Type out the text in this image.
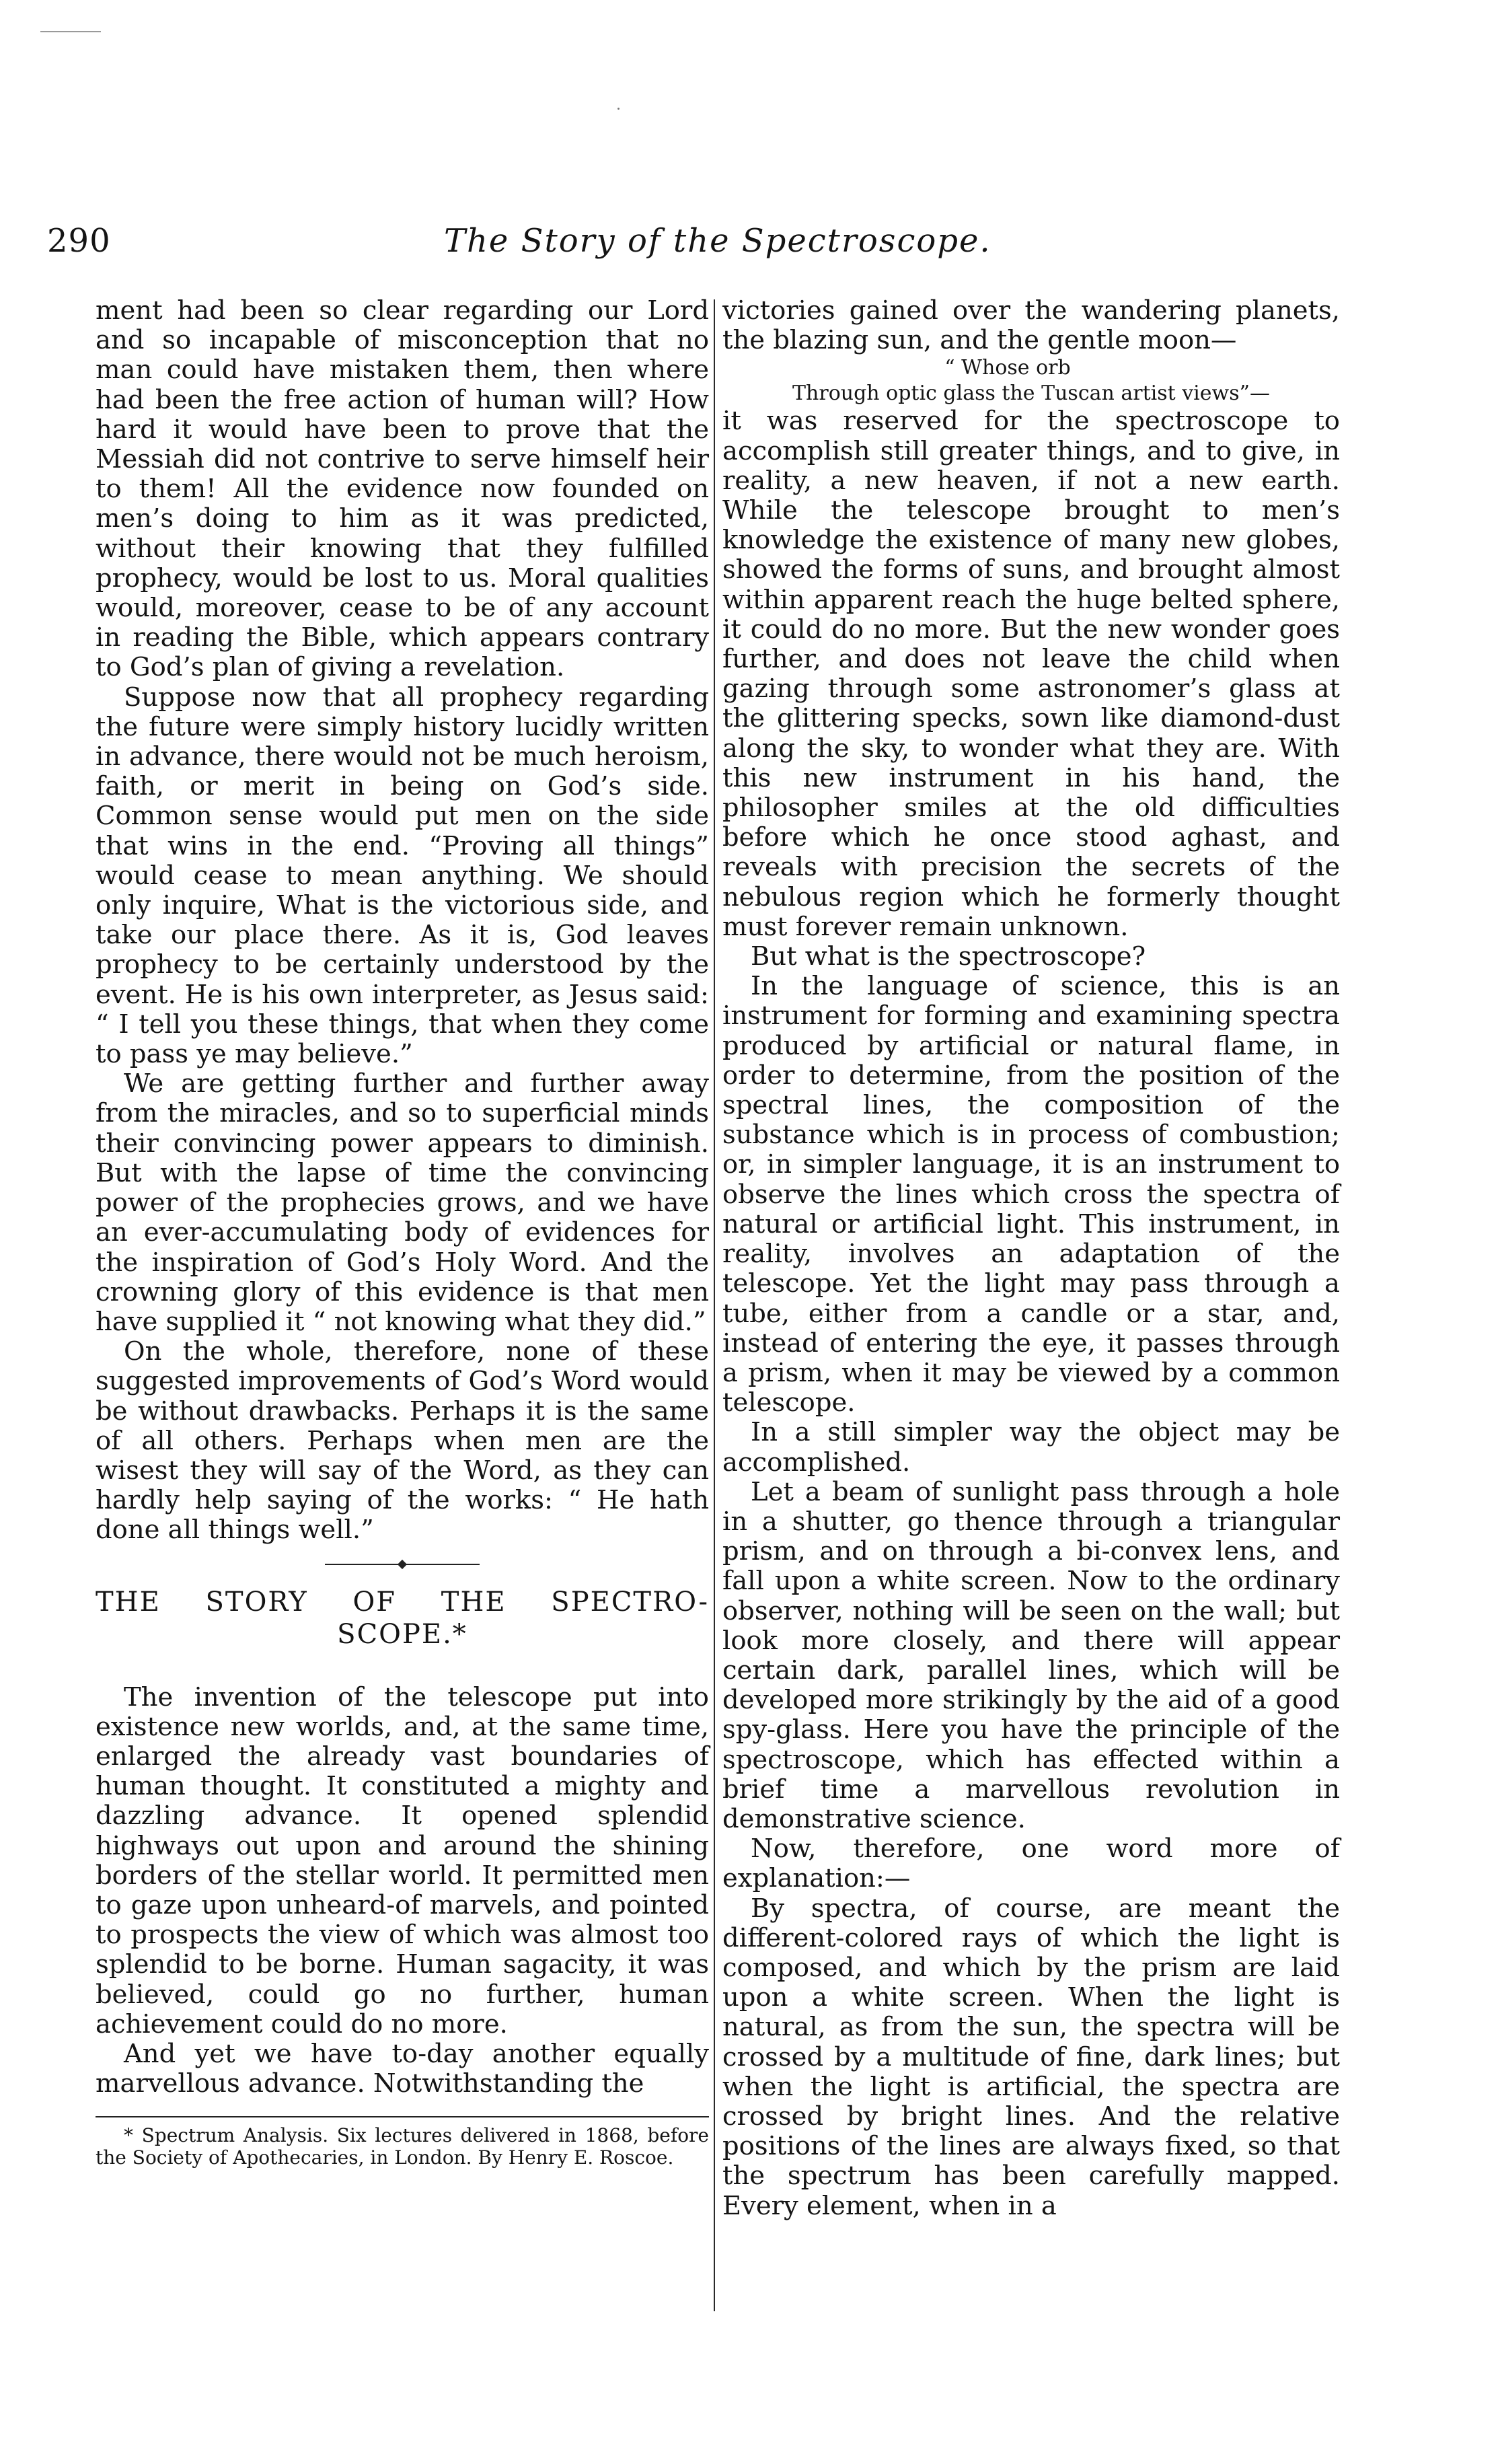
290	The Story of the Spectroscope.

ment had been so clear regarding our Lord and so incapable of misconception that no man could have mistaken them, then where had been the free action of human will? How hard it would have been to prove that the Messiah did not contrive to serve himself heir to them! All the evidence now founded on men’s doing to him as it was predicted, without their knowing that they fulfilled prophecy, would be lost to us. Moral qualities would, moreover, cease to be of any account in reading the Bible, which appears contrary to God’s plan of giving a revelation.

Suppose now that all prophecy regarding the future were simply history lucidly written in advance, there would not be much heroism, faith, or merit in being on God’s side. Common sense would put men on the side that wins in the end. “Proving all things” would cease to mean anything. We should only inquire, What is the victorious side, and take our place there. As it is, God leaves prophecy to be certainly understood by the event. He is his own interpreter, as Jesus said: “ I tell you these things, that when they come to pass ye may believe.”

We are getting further and further away from the miracles, and so to superficial minds their convincing power appears to diminish. But with the lapse of time the convincing power of the prophecies grows, and we have an ever-accumulating body of evidences for the inspiration of God’s Holy Word. And the crowning glory of this evidence is that men have supplied it “ not knowing what they did.”

On the whole, therefore, none of these suggested improvements of God’s Word would be without drawbacks. Perhaps it is the same of all others. Perhaps when men are the wisest they will say of the Word, as they can hardly help saying of the works: “ He hath done all things well.”

THE STORY OF THE SPECTRO-
SCOPE.*

The invention of the telescope put into existence new worlds, and, at the same time, enlarged the already vast boundaries of human thought. It constituted a mighty and dazzling advance. It opened splendid highways out upon and around the shining borders of the stellar world. It permitted men to gaze upon unheard-of marvels, and pointed to prospects the view of which was almost too splendid to be borne. Human sagacity, it was believed, could go no further, human achievement could do no more.

And yet we have to-day another equally marvellous advance. Notwithstanding the

* Spectrum Analysis. Six lectures delivered in 1868, before the Society of Apothecaries, in London. By Henry E. Roscoe.

victories gained over the wandering planets, the blazing sun, and the gentle moon—

“ Whose orb
Through optic glass the Tuscan artist views”—

it was reserved for the spectroscope to accomplish still greater things, and to give, in reality, a new heaven, if not a new earth. While the telescope brought to men’s knowledge the existence of many new globes, showed the forms of suns, and brought almost within apparent reach the huge belted sphere, it could do no more. But the new wonder goes further, and does not leave the child when gazing through some astronomer’s glass at the glittering specks, sown like diamond-dust along the sky, to wonder what they are. With this new instrument in his hand, the philosopher smiles at the old difficulties before which he once stood aghast, and reveals with precision the secrets of the nebulous region which he formerly thought must forever remain unknown.

But what is the spectroscope?

In the language of science, this is an instrument for forming and examining spectra produced by artificial or natural flame, in order to determine, from the position of the spectral lines, the composition of the substance which is in process of combustion; or, in simpler language, it is an instrument to observe the lines which cross the spectra of natural or artificial light. This instrument, in reality, involves an adaptation of the telescope. Yet the light may pass through a tube, either from a candle or a star, and, instead of entering the eye, it passes through a prism, when it may be viewed by a common telescope.

In a still simpler way the object may be accomplished.

Let a beam of sunlight pass through a hole in a shutter, go thence through a triangular prism, and on through a bi-convex lens, and fall upon a white screen. Now to the ordinary observer, nothing will be seen on the wall; but look more closely, and there will appear certain dark, parallel lines, which will be developed more strikingly by the aid of a good spy-glass. Here you have the principle of the spectroscope, which has effected within a brief time a marvellous revolution in demonstrative science.

Now, therefore, one word more of explanation:—

By spectra, of course, are meant the different-colored rays of which the light is composed, and which by the prism are laid upon a white screen. When the light is natural, as from the sun, the spectra will be crossed by a multitude of fine, dark lines; but when the light is artificial, the spectra are crossed by bright lines. And the relative positions of the lines are always fixed, so that the spectrum has been carefully mapped. Every element, when in a
